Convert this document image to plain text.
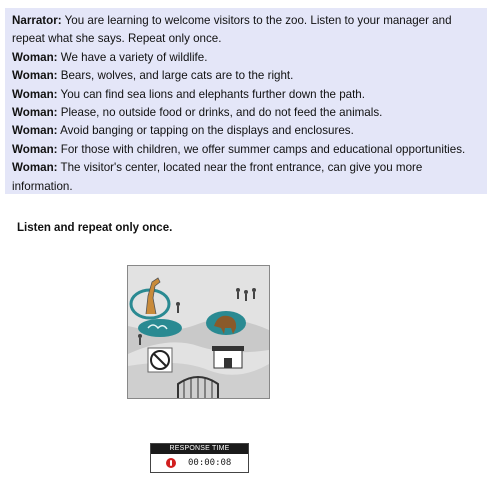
Narrator: You are learning to welcome visitors to the zoo. Listen to your manager and repeat what she says. Repeat only once.
Woman: We have a variety of wildlife.
Woman: Bears, wolves, and large cats are to the right.
Woman: You can find sea lions and elephants further down the path.
Woman: Please, no outside food or drinks, and do not feed the animals.
Woman: Avoid banging or tapping on the displays and enclosures.
Woman: For those with children, we offer summer camps and educational opportunities.
Woman: The visitor's center, located near the front entrance, can give you more information.
Listen and repeat only once.
RESPONSE TIME
00:00:08
